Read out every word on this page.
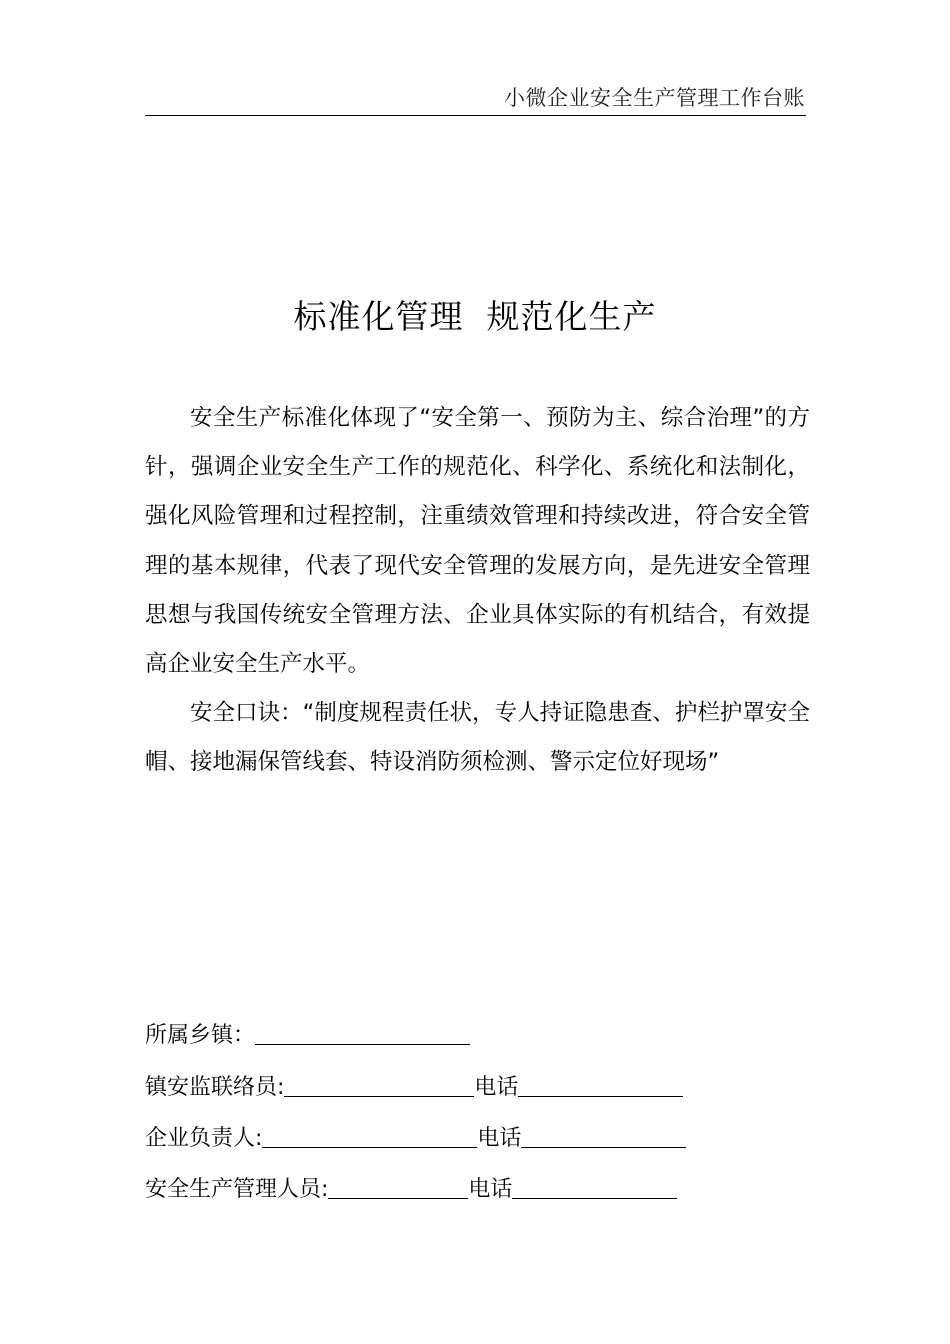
小微企业安全生产管理工作台账
标准化管理  规范化生产

安全生产标准化体现了“安全第一、预防为主、综合治理”的方针，强调企业安全生产工作的规范化、科学化、系统化和法制化，强化风险管理和过程控制，注重绩效管理和持续改进，符合安全管理的基本规律，代表了现代安全管理的发展方向，是先进安全管理思想与我国传统安全管理方法、企业具体实际的有机结合，有效提高企业安全生产水平。

安全口诀：“制度规程责任状，专人持证隐患查、护栏护罩安全帽、接地漏保管线套、特设消防须检测、警示定位好现场”

所属乡镇：
镇安监联络员:	电话
企业负责人:	电话
安全生产管理人员:	电话
